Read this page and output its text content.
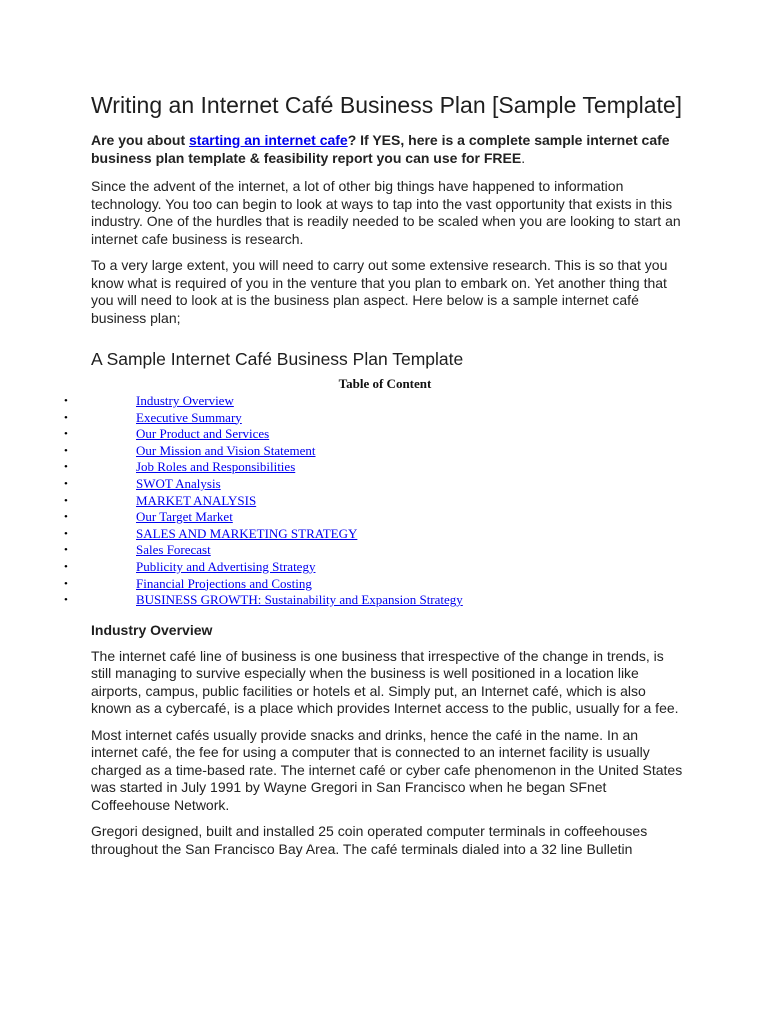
Writing an Internet Café Business Plan [Sample Template]

Are you about starting an internet cafe? If YES, here is a complete sample internet cafe business plan template & feasibility report you can use for FREE.

Since the advent of the internet, a lot of other big things have happened to information technology. You too can begin to look at ways to tap into the vast opportunity that exists in this industry. One of the hurdles that is readily needed to be scaled when you are looking to start an internet cafe business is research.

To a very large extent, you will need to carry out some extensive research. This is so that you know what is required of you in the venture that you plan to embark on. Yet another thing that you will need to look at is the business plan aspect. Here below is a sample internet café business plan;

A Sample Internet Café Business Plan Template
Table of Content
•	Industry Overview
•	Executive Summary
•	Our Product and Services
•	Our Mission and Vision Statement
•	Job Roles and Responsibilities
•	SWOT Analysis
•	MARKET ANALYSIS
•	Our Target Market
•	SALES AND MARKETING STRATEGY
•	Sales Forecast
•	Publicity and Advertising Strategy
•	Financial Projections and Costing
•	BUSINESS GROWTH: Sustainability and Expansion Strategy
Industry Overview

The internet café line of business is one business that irrespective of the change in trends, is still managing to survive especially when the business is well positioned in a location like airports, campus, public facilities or hotels et al. Simply put, an Internet café, which is also known as a cybercafé, is a place which provides Internet access to the public, usually for a fee.

Most internet cafés usually provide snacks and drinks, hence the café in the name. In an internet café, the fee for using a computer that is connected to an internet facility is usually charged as a time-based rate. The internet café or cyber cafe phenomenon in the United States was started in July 1991 by Wayne Gregori in San Francisco when he began SFnet Coffeehouse Network.

Gregori designed, built and installed 25 coin operated computer terminals in coffeehouses throughout the San Francisco Bay Area. The café terminals dialed into a 32 line Bulletin
